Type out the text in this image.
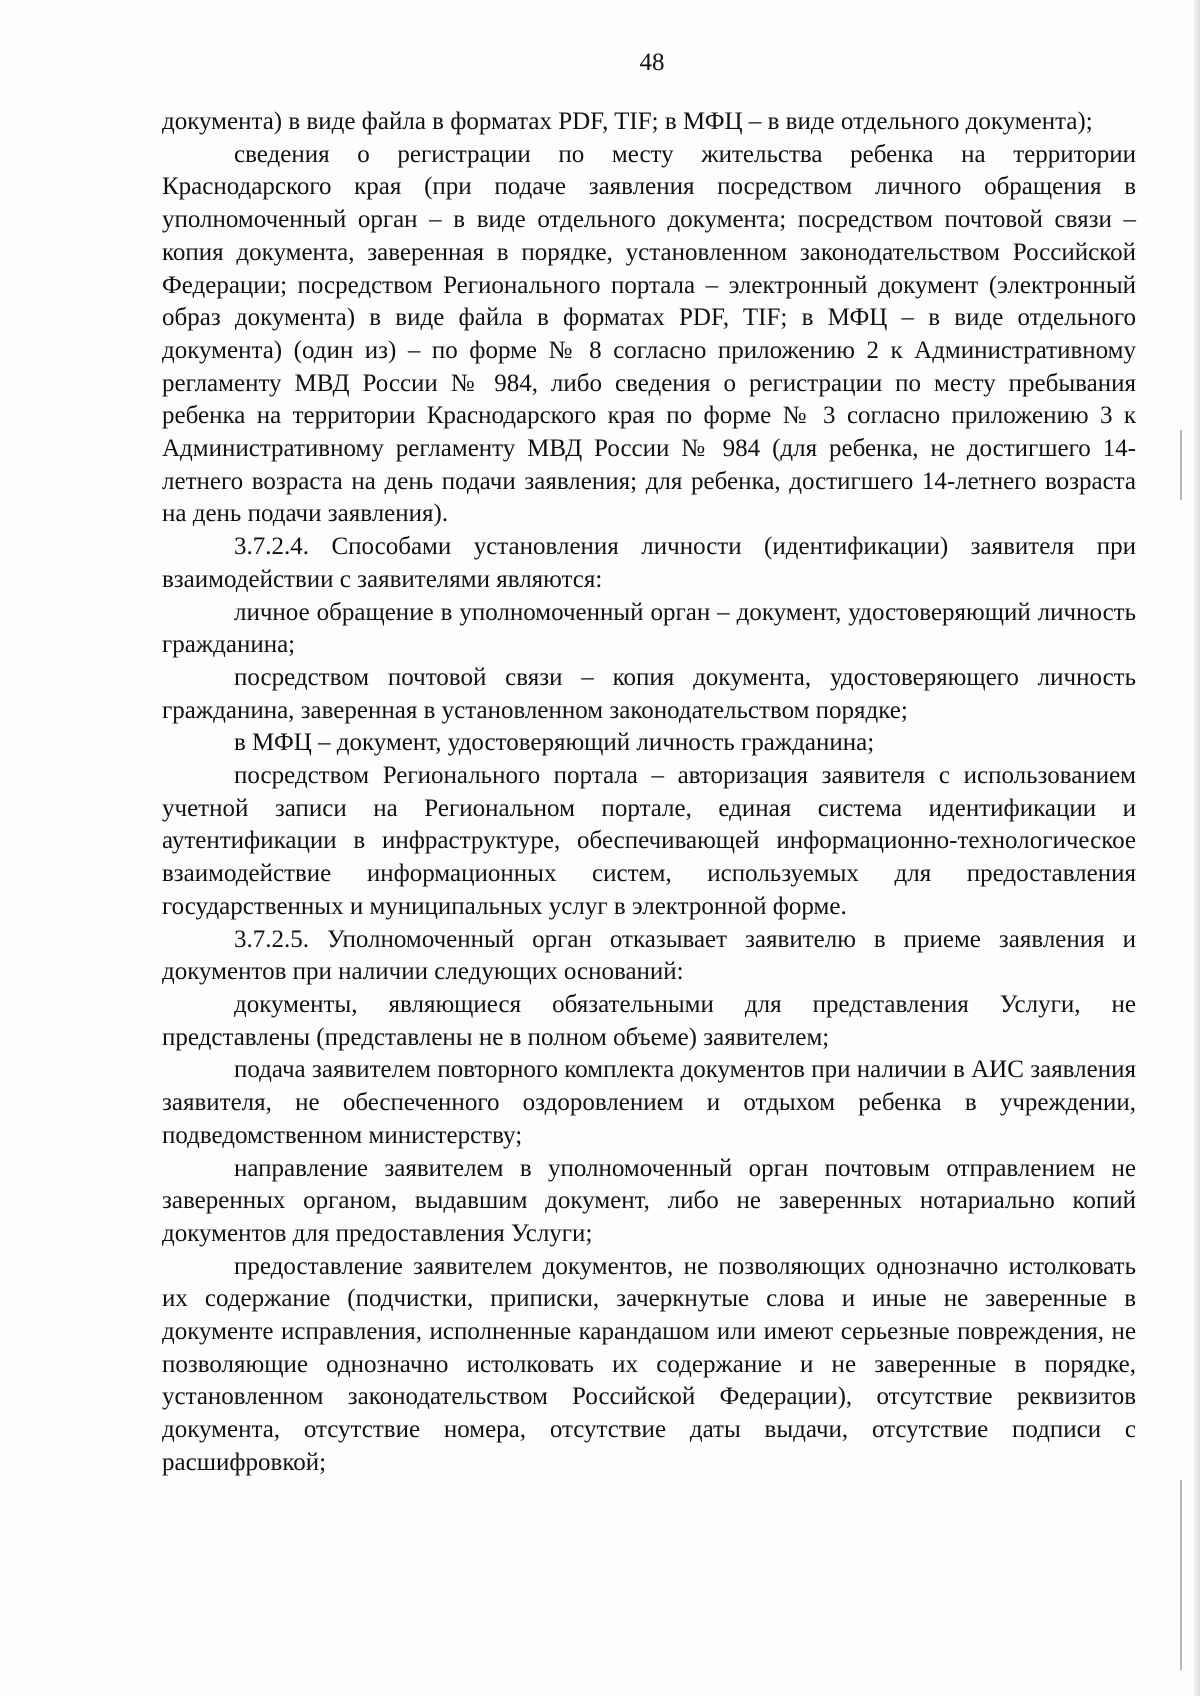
48

документа) в виде файла в форматах PDF, TIF; в МФЦ – в виде отдельного документа);

сведения о регистрации по месту жительства ребенка на территории Краснодарского края (при подаче заявления посредством личного обращения в уполномоченный орган – в виде отдельного документа; посредством почтовой связи – копия документа, заверенная в порядке, установленном законодательством Российской Федерации; посредством Регионального портала – электронный документ (электронный образ документа) в виде файла в форматах PDF, TIF; в МФЦ – в виде отдельного документа) (один из) – по форме № 8 согласно приложению 2 к Административному регламенту МВД России № 984, либо сведения о регистрации по месту пребывания ребенка на территории Краснодарского края по форме № 3 согласно приложению 3 к Административному регламенту МВД России № 984 (для ребенка, не достигшего 14-летнего возраста на день подачи заявления; для ребенка, достигшего 14-летнего возраста на день подачи заявления).

3.7.2.4. Способами установления личности (идентификации) заявителя при взаимодействии с заявителями являются:

личное обращение в уполномоченный орган – документ, удостоверяющий личность гражданина;

посредством почтовой связи – копия документа, удостоверяющего личность гражданина, заверенная в установленном законодательством порядке;

в МФЦ – документ, удостоверяющий личность гражданина;

посредством Регионального портала – авторизация заявителя с использованием учетной записи на Региональном портале, единая система идентификации и аутентификации в инфраструктуре, обеспечивающей информационно-технологическое взаимодействие информационных систем, используемых для предоставления государственных и муниципальных услуг в электронной форме.

3.7.2.5. Уполномоченный орган отказывает заявителю в приеме заявления и документов при наличии следующих оснований:

документы, являющиеся обязательными для представления Услуги, не представлены (представлены не в полном объеме) заявителем;

подача заявителем повторного комплекта документов при наличии в АИС заявления заявителя, не обеспеченного оздоровлением и отдыхом ребенка в учреждении, подведомственном министерству;

направление заявителем в уполномоченный орган почтовым отправлением не заверенных органом, выдавшим документ, либо не заверенных нотариально копий документов для предоставления Услуги;

предоставление заявителем документов, не позволяющих однозначно истолковать их содержание (подчистки, приписки, зачеркнутые слова и иные не заверенные в документе исправления, исполненные карандашом или имеют серьезные повреждения, не позволяющие однозначно истолковать их содержание и не заверенные в порядке, установленном законодательством Российской Федерации), отсутствие реквизитов документа, отсутствие номера, отсутствие даты выдачи, отсутствие подписи с расшифровкой;
